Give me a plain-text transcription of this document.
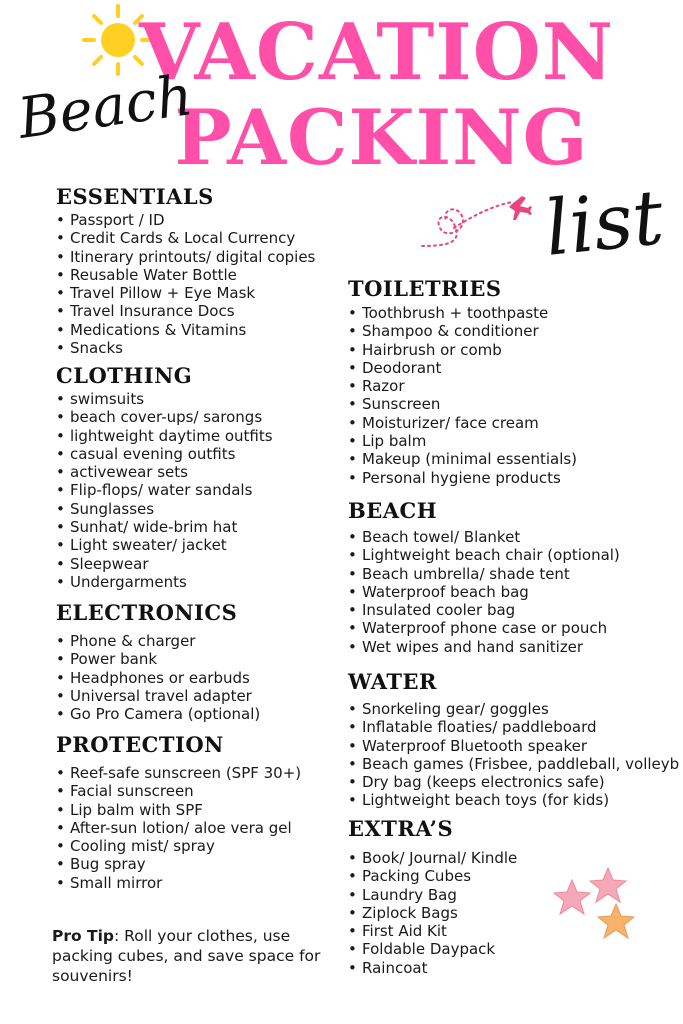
VACATION
PACKING
Beach
list
ESSENTIALS
• Passport / ID
• Credit Cards & Local Currency
• Itinerary printouts/ digital copies
• Reusable Water Bottle
• Travel Pillow + Eye Mask
• Travel Insurance Docs
• Medications & Vitamins
• Snacks
CLOTHING
• swimsuits
• beach cover-ups/ sarongs
• lightweight daytime outfits
• casual evening outfits
• activewear sets
• Flip-flops/ water sandals
• Sunglasses
• Sunhat/ wide-brim hat
• Light sweater/ jacket
• Sleepwear
• Undergarments
ELECTRONICS
• Phone & charger
• Power bank
• Headphones or earbuds
• Universal travel adapter
• Go Pro Camera (optional)
PROTECTION
• Reef-safe sunscreen (SPF 30+)
• Facial sunscreen
• Lip balm with SPF
• After-sun lotion/ aloe vera gel
• Cooling mist/ spray
• Bug spray
• Small mirror
Pro Tip: Roll your clothes, use packing cubes, and save space for souvenirs!
TOILETRIES
• Toothbrush + toothpaste
• Shampoo & conditioner
• Hairbrush or comb
• Deodorant
• Razor
• Sunscreen
• Moisturizer/ face cream
• Lip balm
• Makeup (minimal essentials)
• Personal hygiene products
BEACH
• Beach towel/ Blanket
• Lightweight beach chair (optional)
• Beach umbrella/ shade tent
• Waterproof beach bag
• Insulated cooler bag
• Waterproof phone case or pouch
• Wet wipes and hand sanitizer
WATER
• Snorkeling gear/ goggles
• Inflatable floaties/ paddleboard
• Waterproof Bluetooth speaker
• Beach games (Frisbee, paddleball, volleyb
• Dry bag (keeps electronics safe)
• Lightweight beach toys (for kids)
EXTRA’S
• Book/ Journal/ Kindle
• Packing Cubes
• Laundry Bag
• Ziplock Bags
• First Aid Kit
• Foldable Daypack
• Raincoat
